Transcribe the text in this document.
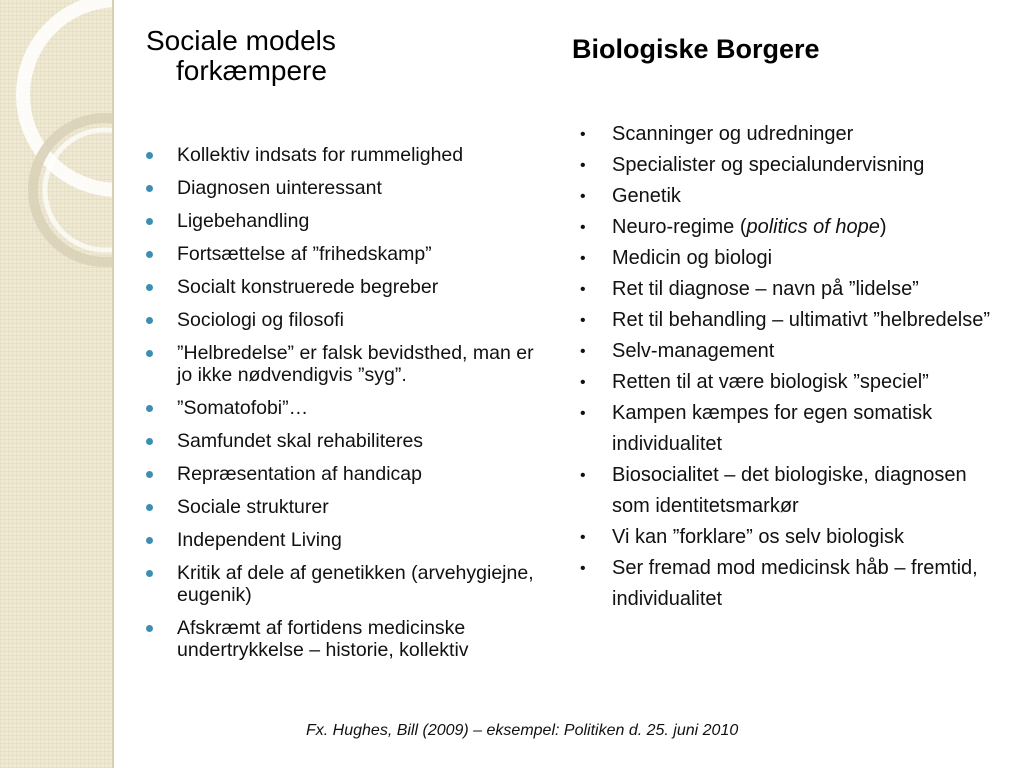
Sociale models
forkæmpere
Kollektiv indsats for rummelighed
Diagnosen uinteressant
Ligebehandling
Fortsættelse af ”frihedskamp”
Socialt konstruerede begreber
Sociologi og filosofi
”Helbredelse” er falsk bevidsthed, man er jo ikke nødvendigvis ”syg”.
”Somatofobi”…
Samfundet skal rehabiliteres
Repræsentation af handicap
Sociale strukturer
Independent Living
Kritik af dele af genetikken (arvehygiejne, eugenik)
Afskræmt af fortidens medicinske undertrykkelse – historie, kollektiv
Biologiske Borgere
• Scanninger og udredninger
• Specialister og specialundervisning
• Genetik
• Neuro-regime (politics of hope)
• Medicin og biologi
• Ret til diagnose – navn på ”lidelse”
• Ret til behandling – ultimativt ”helbredelse”
• Selv-management
• Retten til at være biologisk ”speciel”
• Kampen kæmpes for egen somatisk individualitet
• Biosocialitet – det biologiske, diagnosen som identitetsmarkør
• Vi kan ”forklare” os selv biologisk
• Ser fremad mod medicinsk håb – fremtid, individualitet
Fx. Hughes, Bill (2009) – eksempel: Politiken d. 25. juni 2010
